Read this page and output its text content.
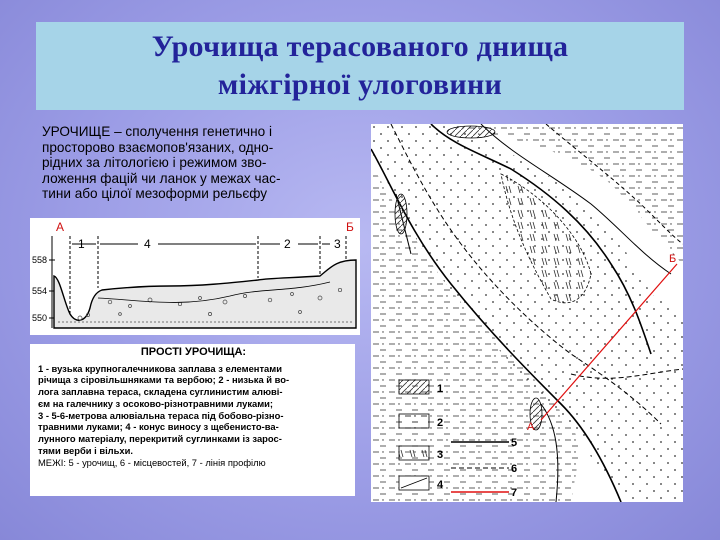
Урочища терасованого днища
міжгірної улоговини
УРОЧИЩЕ – сполучення генетично і
просторово взаємопов'язаних, одно-
рідних за літологією і режимом зво-
ложення фацій чи ланок у межах час-
тини або цілої мезоформи рельєфу
558
554
550
А	Б
1	4	2	3
ПРОСТІ УРОЧИЩА:
1 - вузька крупногалечникова заплава з елементами
річища з сіровільшняками та вербою; 2 - низька й во-
лога заплавна тераса, складена суглинистим алювi-
єм на галечнику з осоково-різнотравними луками;
3 - 5-6-метрова алювіальна тераса під бобово-різно-
травними луками; 4 - конус виносу з щебенисто-ва-
лунного матеріалу, перекритий суглинками із зарос-
тями верби і вільхи.
МЕЖІ: 5 - урочищ, 6 - місцевостей, 7 - лінія профілю
А
Б
1
2
3
4
5
6
7
